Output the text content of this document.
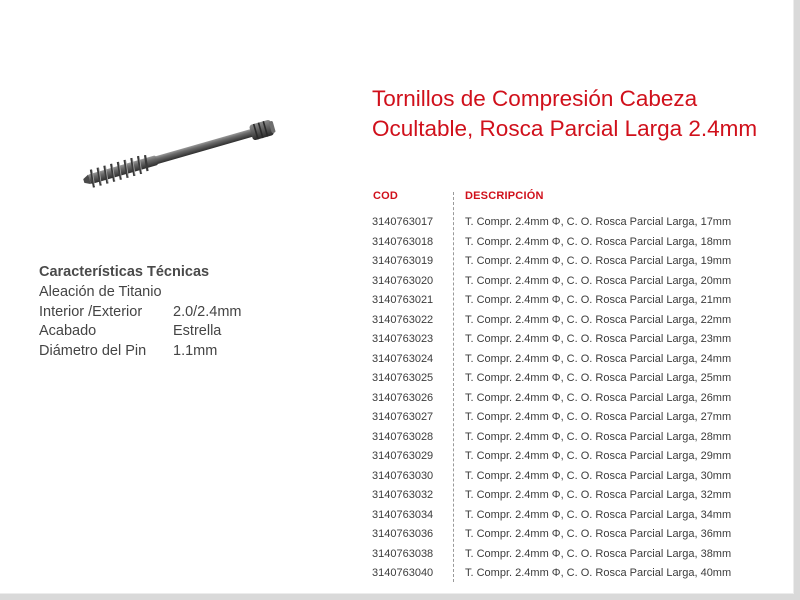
Características Técnicas
Aleación de Titanio
Interior /Exterior 2.0/2.4mm
Acabado	Estrella
Diámetro del Pin 1.1mm
Tornillos de Compresión Cabeza Ocultable, Rosca Parcial Larga 2.4mm
COD	DESCRIPCIÓN
3140763017	T. Compr. 2.4mm Φ, C. O. Rosca Parcial Larga, 17mm
3140763018	T. Compr. 2.4mm Φ, C. O. Rosca Parcial Larga, 18mm
3140763019	T. Compr. 2.4mm Φ, C. O. Rosca Parcial Larga, 19mm
3140763020	T. Compr. 2.4mm Φ, C. O. Rosca Parcial Larga, 20mm
3140763021	T. Compr. 2.4mm Φ, C. O. Rosca Parcial Larga, 21mm
3140763022	T. Compr. 2.4mm Φ, C. O. Rosca Parcial Larga, 22mm
3140763023	T. Compr. 2.4mm Φ, C. O. Rosca Parcial Larga, 23mm
3140763024	T. Compr. 2.4mm Φ, C. O. Rosca Parcial Larga, 24mm
3140763025	T. Compr. 2.4mm Φ, C. O. Rosca Parcial Larga, 25mm
3140763026	T. Compr. 2.4mm Φ, C. O. Rosca Parcial Larga, 26mm
3140763027	T. Compr. 2.4mm Φ, C. O. Rosca Parcial Larga, 27mm
3140763028	T. Compr. 2.4mm Φ, C. O. Rosca Parcial Larga, 28mm
3140763029	T. Compr. 2.4mm Φ, C. O. Rosca Parcial Larga, 29mm
3140763030	T. Compr. 2.4mm Φ, C. O. Rosca Parcial Larga, 30mm
3140763032	T. Compr. 2.4mm Φ, C. O. Rosca Parcial Larga, 32mm
3140763034	T. Compr. 2.4mm Φ, C. O. Rosca Parcial Larga, 34mm
3140763036	T. Compr. 2.4mm Φ, C. O. Rosca Parcial Larga, 36mm
3140763038	T. Compr. 2.4mm Φ, C. O. Rosca Parcial Larga, 38mm
3140763040	T. Compr. 2.4mm Φ, C. O. Rosca Parcial Larga, 40mm
